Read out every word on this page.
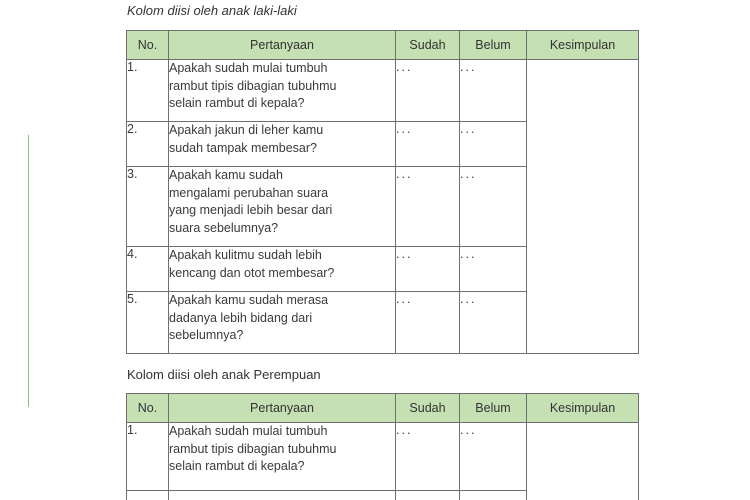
Kolom diisi oleh anak laki-laki
No.	Pertanyaan	Sudah	Belum	Kesimpulan
1.	Apakah sudah mulai tumbuh
rambut tipis dibagian tubuhmu
selain rambut di kepala?	...	...	
2.	Apakah jakun di leher kamu
sudah tampak membesar?	...	...	
3.	Apakah kamu sudah
mengalami perubahan suara
yang menjadi lebih besar dari
suara sebelumnya?	...	...	
4.	Apakah kulitmu sudah lebih
kencang dan otot membesar?	...	...	
5.	Apakah kamu sudah merasa
dadanya lebih bidang dari
sebelumnya?	...	...	
Kolom diisi oleh anak Perempuan
No.	Pertanyaan	Sudah	Belum	Kesimpulan
1.	Apakah sudah mulai tumbuh
rambut tipis dibagian tubuhmu
selain rambut di kepala?	...	...	
